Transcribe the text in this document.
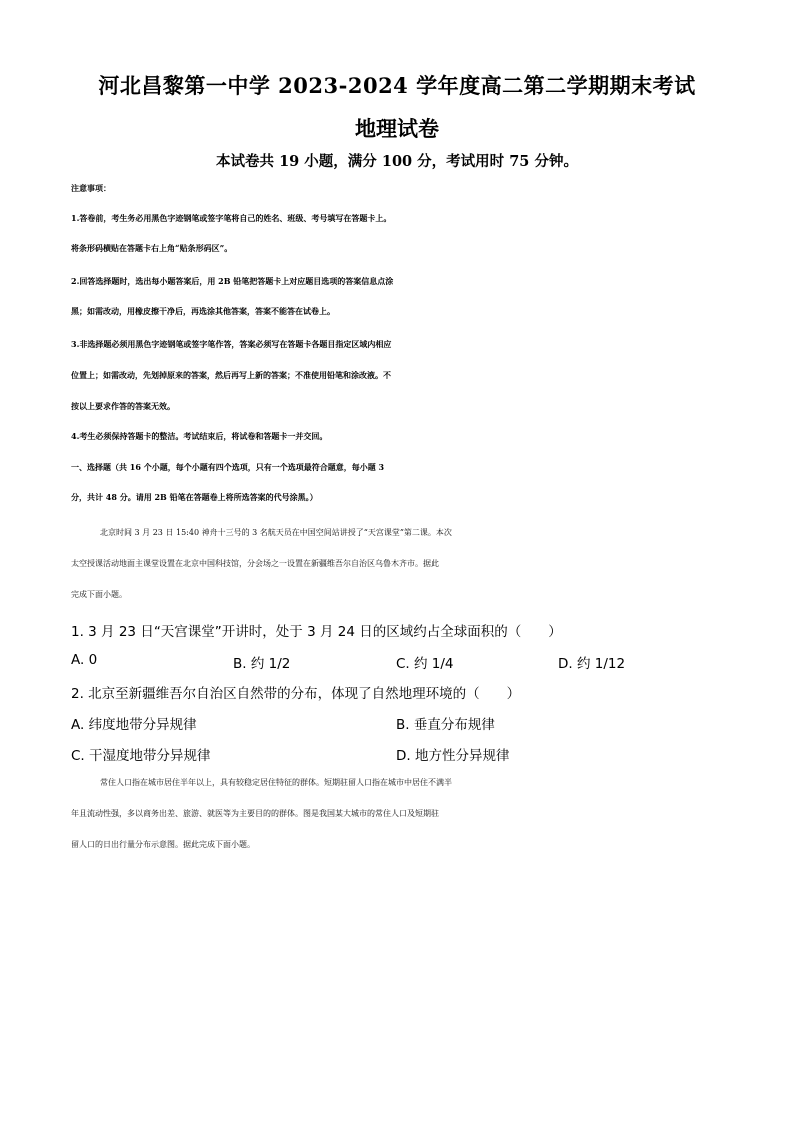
河北昌黎第一中学 2023-2024 学年度高二第二学期期末考试
地理试卷
本试卷共 19 小题，满分 100 分，考试用时 75 分钟。
注意事项：
1.答卷前，考生务必用黑色字迹钢笔或签字笔将自己的姓名、班级、考号填写在答题卡上。
将条形码横贴在答题卡右上角“贴条形码区”。
2.回答选择题时，选出每小题答案后，用 2B 铅笔把答题卡上对应题目选项的答案信息点涂
黑；如需改动，用橡皮擦干净后，再选涂其他答案，答案不能答在试卷上。
3.非选择题必须用黑色字迹钢笔或签字笔作答，答案必须写在答题卡各题目指定区域内相应
位置上；如需改动，先划掉原来的答案，然后再写上新的答案；不准使用铅笔和涂改液。不
按以上要求作答的答案无效。
4.考生必须保持答题卡的整洁。考试结束后，将试卷和答题卡一并交回。
一、选择题（共 16 个小题，每个小题有四个选项，只有一个选项最符合题意，每小题 3
分，共计 48 分。请用 2B 铅笔在答题卷上将所选答案的代号涂黑。）
北京时间 3 月 23 日 15:40 神舟十三号的 3 名航天员在中国空间站讲授了“天宫课堂”第二课。本次
太空授课活动地面主课堂设置在北京中国科技馆，分会场之一设置在新疆维吾尔自治区乌鲁木齐市。据此
完成下面小题。
1. 3 月 23 日“天宫课堂”开讲时，处于 3 月 24 日的区域约占全球面积的（　　）
A. 0	B. 约 1/2	C. 约 1/4	D. 约 1/12
2. 北京至新疆维吾尔自治区自然带的分布，体现了自然地理环境的（　　）
A. 纬度地带分异规律	B. 垂直分布规律
C. 干湿度地带分异规律	D. 地方性分异规律
常住人口指在城市居住半年以上，具有较稳定居住特征的群体。短期驻留人口指在城市中居住不满半
年且流动性强，多以商务出差、旅游、就医等为主要目的的群体。图是我国某大城市的常住人口及短期驻
留人口的日出行量分布示意图。据此完成下面小题。
